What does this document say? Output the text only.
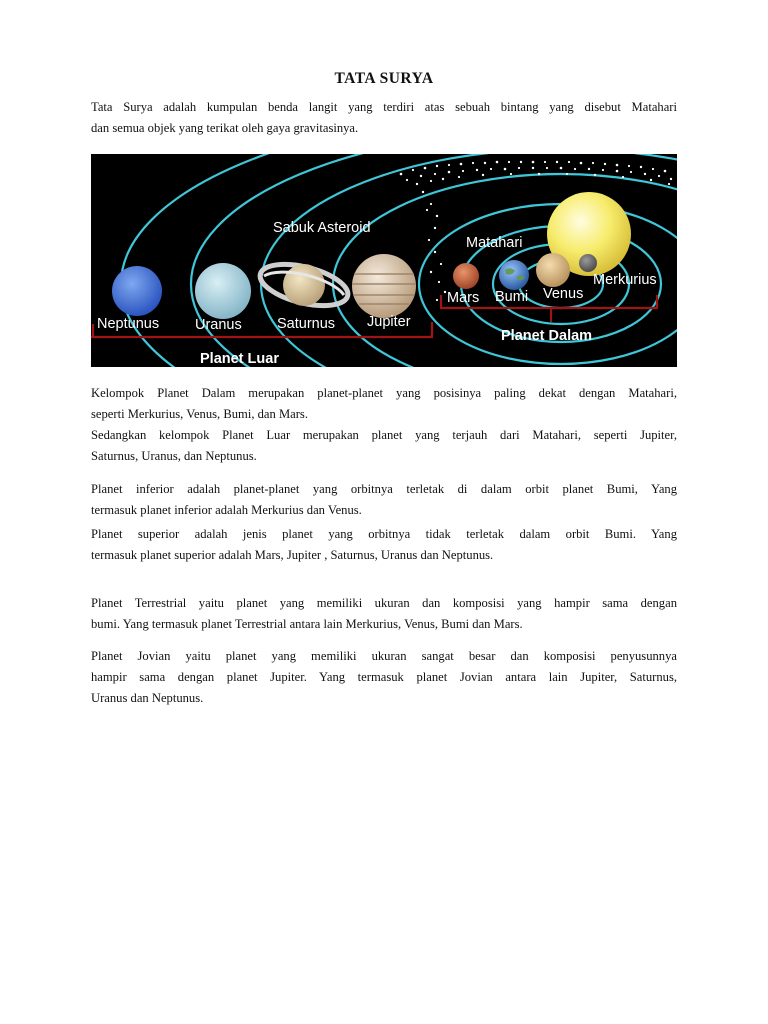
TATA SURYA
Tata Surya adalah kumpulan benda langit yang terdiri atas sebuah bintang yang disebut Matahari
dan semua objek yang terikat oleh gaya gravitasinya.
Sabuk Asteroid
Matahari
Merkurius
Venus
Bumi
Mars
Jupiter
Saturnus
Uranus
Neptunus
Planet Dalam
Planet Luar
Kelompok Planet Dalam merupakan planet-planet yang posisinya paling dekat dengan Matahari,
seperti Merkurius, Venus, Bumi, dan Mars.
Sedangkan kelompok Planet Luar merupakan planet yang terjauh dari Matahari, seperti Jupiter,
Saturnus, Uranus, dan Neptunus.
Planet inferior adalah planet-planet yang orbitnya terletak di dalam orbit planet Bumi, Yang
termasuk planet inferior adalah Merkurius dan Venus.
Planet superior adalah jenis planet yang orbitnya tidak terletak dalam orbit Bumi. Yang
termasuk planet superior adalah Mars, Jupiter , Saturnus, Uranus dan Neptunus.
Planet Terrestrial yaitu planet yang memiliki ukuran dan komposisi yang hampir sama dengan
bumi. Yang termasuk planet Terrestrial antara lain Merkurius, Venus, Bumi dan Mars.
Planet Jovian yaitu planet yang memiliki ukuran sangat besar dan komposisi penyusunnya
hampir sama dengan planet Jupiter. Yang termasuk planet Jovian antara lain Jupiter, Saturnus,
Uranus dan Neptunus.
